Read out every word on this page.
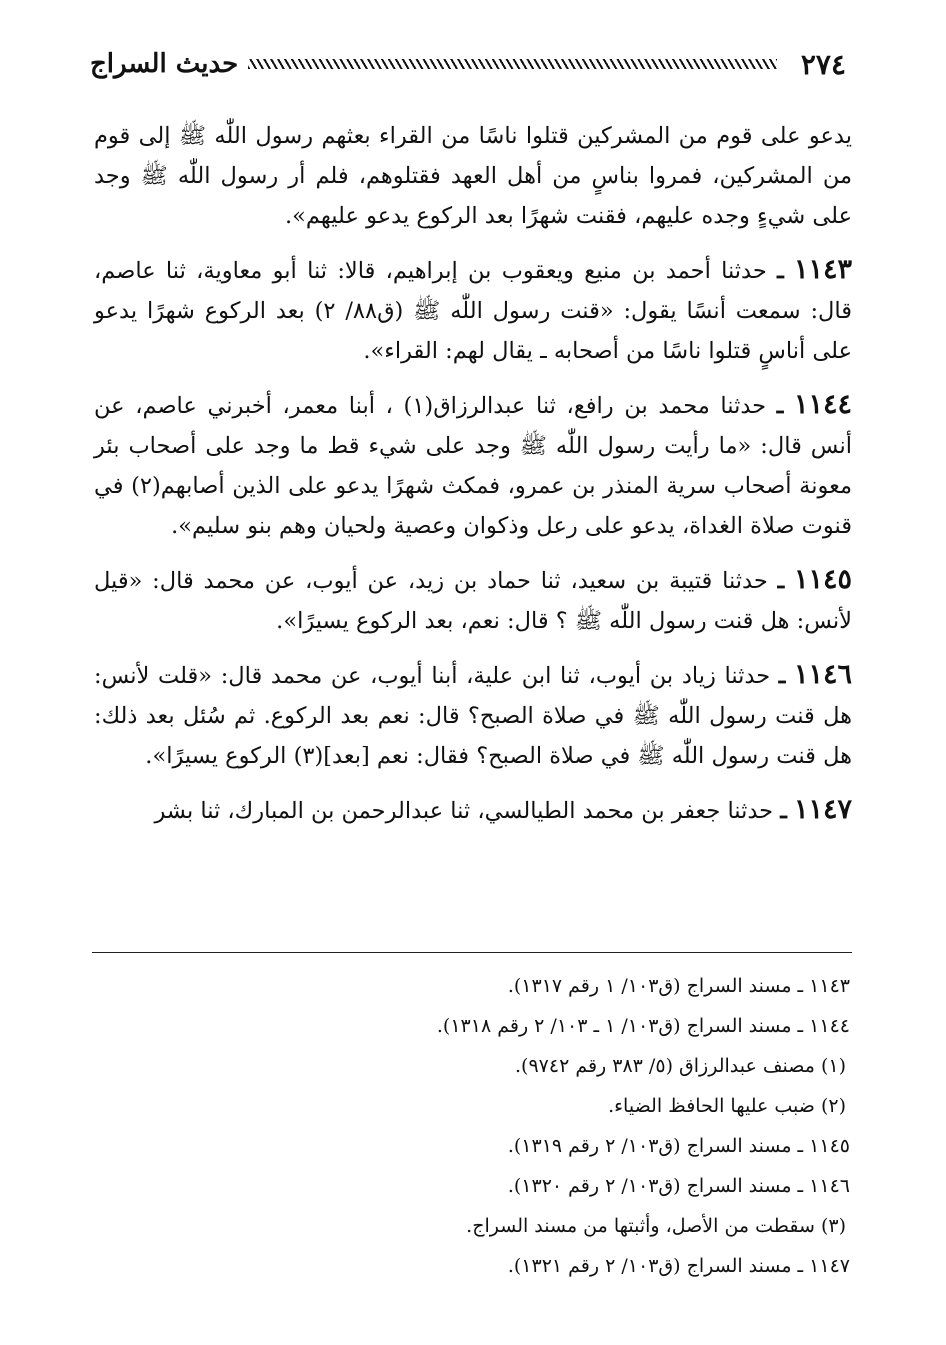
٢٧٤
حديث السراج

يدعو على قوم من المشركين قتلوا ناسًا من القراء بعثهم رسول اللّٰه ﷺ إلى قوم من المشركين، فمروا بناسٍ من أهل العهد فقتلوهم، فلم أر رسول اللّٰه ﷺ وجد على شيءٍ وجده عليهم، فقنت شهرًا بعد الركوع يدعو عليهم».

١١٤٣ ـ حدثنا أحمد بن منيع ويعقوب بن إبراهيم، قالا: ثنا أبو معاوية، ثنا عاصم، قال: سمعت أنسًا يقول: «قنت رسول اللّٰه ﷺ (ق٨٨/ ٢) بعد الركوع شهرًا يدعو على أناسٍ قتلوا ناسًا من أصحابه ـ يقال لهم: القراء».

١١٤٤ ـ حدثنا محمد بن رافع، ثنا عبدالرزاق(١) ، أبنا معمر، أخبرني عاصم، عن أنس قال: «ما رأيت رسول اللّٰه ﷺ وجد على شيء قط ما وجد على أصحاب بئر معونة أصحاب سرية المنذر بن عمرو، فمكث شهرًا يدعو على الذين أصابهم(٢) في قنوت صلاة الغداة، يدعو على رعل وذكوان وعصية ولحيان وهم بنو سليم».

١١٤٥ ـ حدثنا قتيبة بن سعيد، ثنا حماد بن زيد، عن أيوب، عن محمد قال: «قيل لأنس: هل قنت رسول اللّٰه ﷺ ؟ قال: نعم، بعد الركوع يسيرًا».

١١٤٦ ـ حدثنا زياد بن أيوب، ثنا ابن علية، أبنا أيوب، عن محمد قال: «قلت لأنس: هل قنت رسول اللّٰه ﷺ في صلاة الصبح؟ قال: نعم بعد الركوع. ثم سُئل بعد ذلك: هل قنت رسول اللّٰه ﷺ في صلاة الصبح؟ فقال: نعم [بعد](٣) الركوع يسيرًا».

١١٤٧ ـ حدثنا جعفر بن محمد الطيالسي، ثنا عبدالرحمن بن المبارك، ثنا بشر

١١٤٣ ـ مسند السراج (ق١٠٣/ ١ رقم ١٣١٧).
١١٤٤ ـ مسند السراج (ق١٠٣/ ١ ـ ١٠٣/ ٢ رقم ١٣١٨).
(١) مصنف عبدالرزاق (٥/ ٣٨٣ رقم ٩٧٤٢).
(٢) ضبب عليها الحافظ الضياء.
١١٤٥ ـ مسند السراج (ق١٠٣/ ٢ رقم ١٣١٩).
١١٤٦ ـ مسند السراج (ق١٠٣/ ٢ رقم ١٣٢٠).
(٣) سقطت من الأصل، وأثبتها من مسند السراج.
١١٤٧ ـ مسند السراج (ق١٠٣/ ٢ رقم ١٣٢١).
